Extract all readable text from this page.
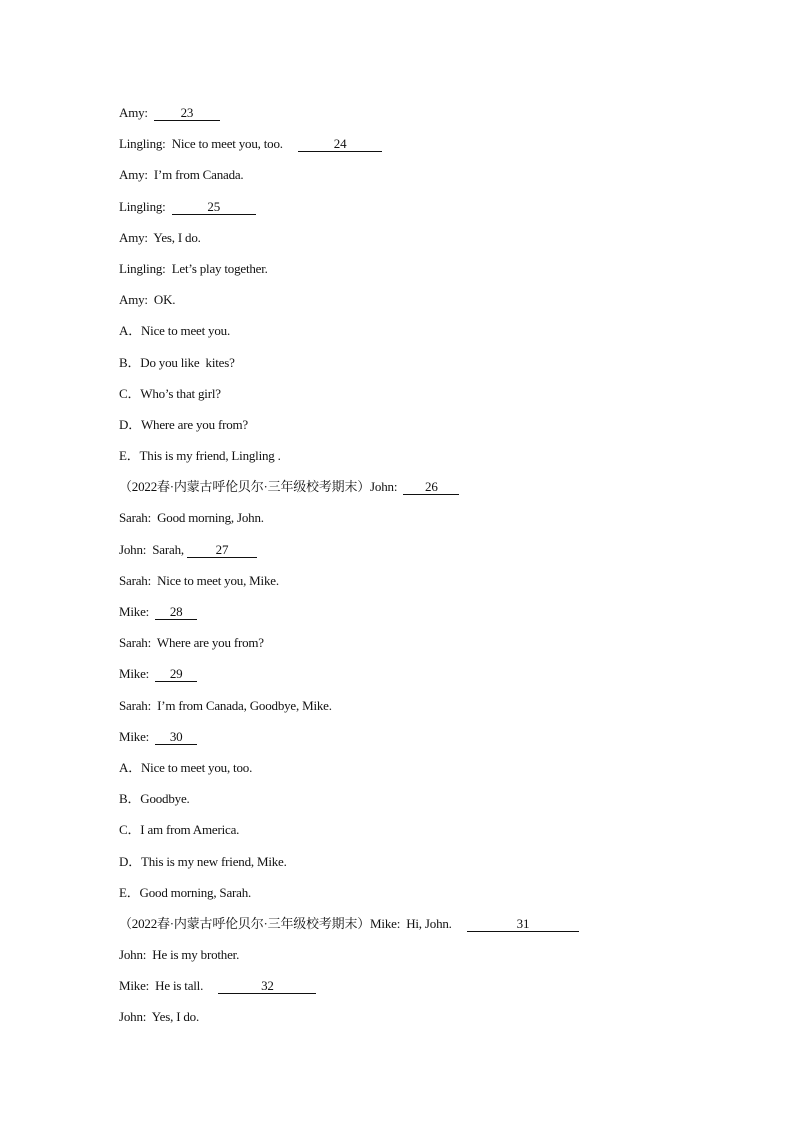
Amy:  23
Lingling:  Nice to meet you, too.	24
Amy:  I’m from Canada.
Lingling:	25
Amy:  Yes, I do.
Lingling:  Let’s play together.
Amy:  OK.
A．Nice to meet you.
B．Do you like  kites?
C．Who’s that girl?
D．Where are you from?
E．This is my friend, Lingling .
（2022春·内蒙古呼伦贝尔·三年级校考期末）John:  26
Sarah:  Good morning, John.
John:  Sarah, 27
Sarah:  Nice to meet you, Mike.
Mike:  28
Sarah:  Where are you from?
Mike:  29
Sarah:  I’m from Canada, Goodbye, Mike.
Mike:  30
A．Nice to meet you, too.
B．Goodbye.
C．I am from America.
D．This is my new friend, Mike.
E．Good morning, Sarah.
（2022春·内蒙古呼伦贝尔·三年级校考期末）Mike:  Hi, John.	31
John:  He is my brother.
Mike:  He is tall.	32
John:  Yes, I do.
